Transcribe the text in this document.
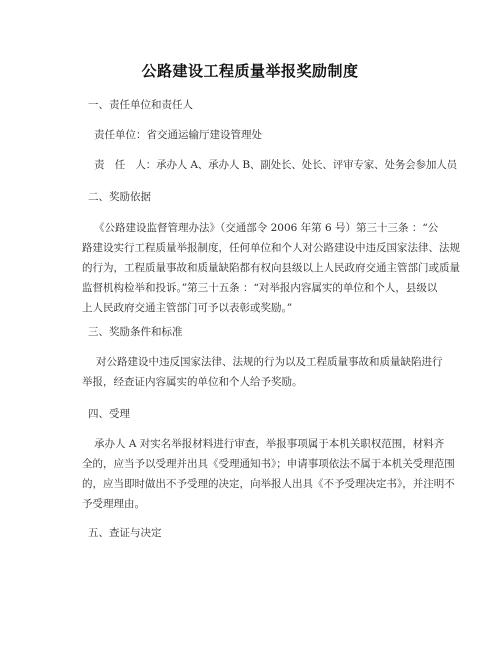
公路建设工程质量举报奖励制度
一、责任单位和责任人
责任单位：省交通运输厅建设管理处
责　任　人：承办人 A、承办人 B、副处长、处长、评审专家、处务会参加人员
二、奖励依据
《公路建设监督管理办法》（交通部令 2006 年第 6 号）第三十三条 ：“公
路建设实行工程质量举报制度，任何单位和个人对公路建设中违反国家法律、法规
的行为，工程质量事故和质量缺陷都有权向县级以上人民政府交通主管部门或质量
监督机构检举和投诉。”第三十五条 ：“对举报内容属实的单位和个人，县级以
上人民政府交通主管部门可予以表彰或奖励。”
三、奖励条件和标准
对公路建设中违反国家法律、法规的行为以及工程质量事故和质量缺陷进行
举报，经查证内容属实的单位和个人给予奖励。
四、受理
承办人 A 对实名举报材料进行审查，举报事项属于本机关职权范围，材料齐
全的，应当予以受理并出具《受理通知书》；申请事项依法不属于本机关受理范围
的，应当即时做出不予受理的决定，向举报人出具《不予受理决定书》，并注明不
予受理理由。
五、查证与决定
